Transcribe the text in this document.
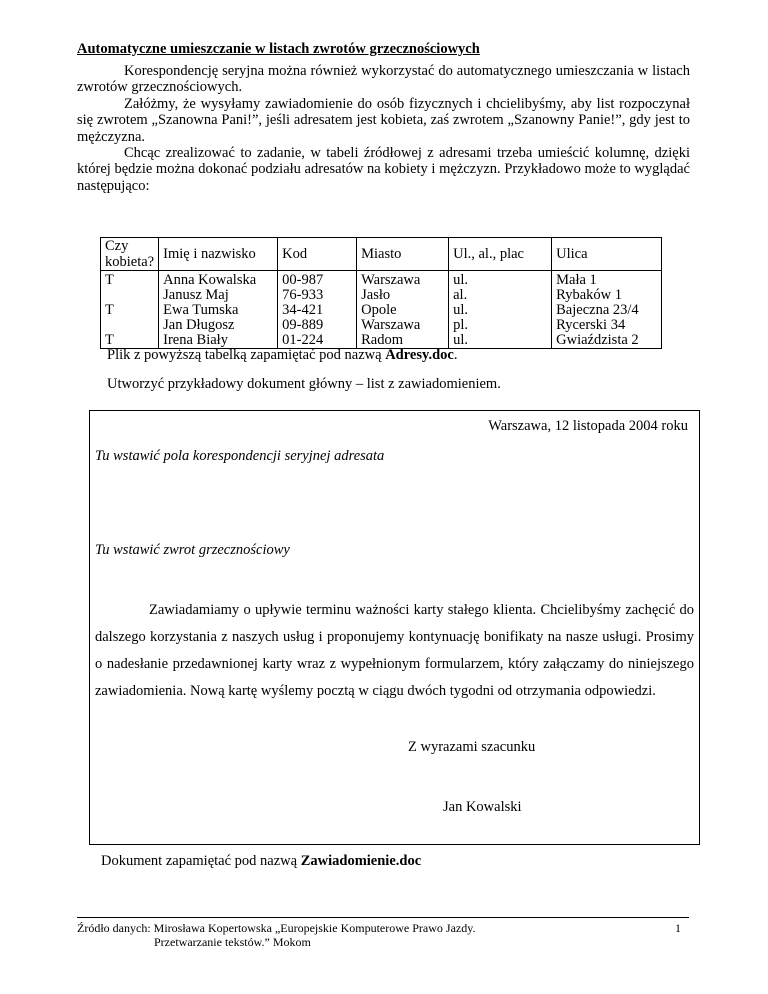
Automatyczne umieszczanie w listach zwrotów grzecznościowych

Korespondencję seryjna można również wykorzystać do automatycznego umieszczania w listach zwrotów grzecznościowych.

Załóżmy, że wysyłamy zawiadomienie do osób fizycznych i chcielibyśmy, aby list rozpoczynał się zwrotem „Szanowna Pani!”, jeśli adresatem jest kobieta, zaś zwrotem „Szanowny Panie!”, gdy jest to mężczyzna.

Chcąc zrealizować to zadanie, w tabeli źródłowej z adresami trzeba umieścić kolumnę, dzięki której będzie można dokonać podziału adresatów na kobiety i mężczyzn. Przykładowo może to wyglądać następująco:

Czy kobieta?	Imię i nazwisko	Kod	Miasto	Ul., al., plac	Ulica
T	Anna Kowalska	00-987	Warszawa	ul.	Mała 1
	Janusz Maj	76-933	Jasło	al.	Rybaków 1
T	Ewa Tumska	34-421	Opole	ul.	Bajeczna 23/4
	Jan Długosz	09-889	Warszawa	pl.	Rycerski 34
T	Irena Biały	01-224	Radom	ul.	Gwiaździsta 2

Plik z powyższą tabelką zapamiętać pod nazwą Adresy.doc.

Utworzyć przykładowy dokument główny – list z zawiadomieniem.

Warszawa, 12 listopada 2004 roku

Tu wstawić pola korespondencji seryjnej adresata

Tu wstawić zwrot grzecznościowy

Zawiadamiamy o upływie terminu ważności karty stałego klienta. Chcielibyśmy zachęcić do dalszego korzystania z naszych usług i proponujemy kontynuację bonifikaty na nasze usługi. Prosimy o nadesłanie przedawnionej karty wraz z wypełnionym formularzem, który załączamy do niniejszego zawiadomienia. Nową kartę wyślemy pocztą w ciągu dwóch tygodni od otrzymania odpowiedzi.

Z wyrazami szacunku

Jan Kowalski

Dokument zapamiętać pod nazwą Zawiadomienie.doc

Źródło danych: Mirosława Kopertowska „Europejskie Komputerowe Prawo Jazdy.
Przetwarzanie tekstów.” Mokom

1
